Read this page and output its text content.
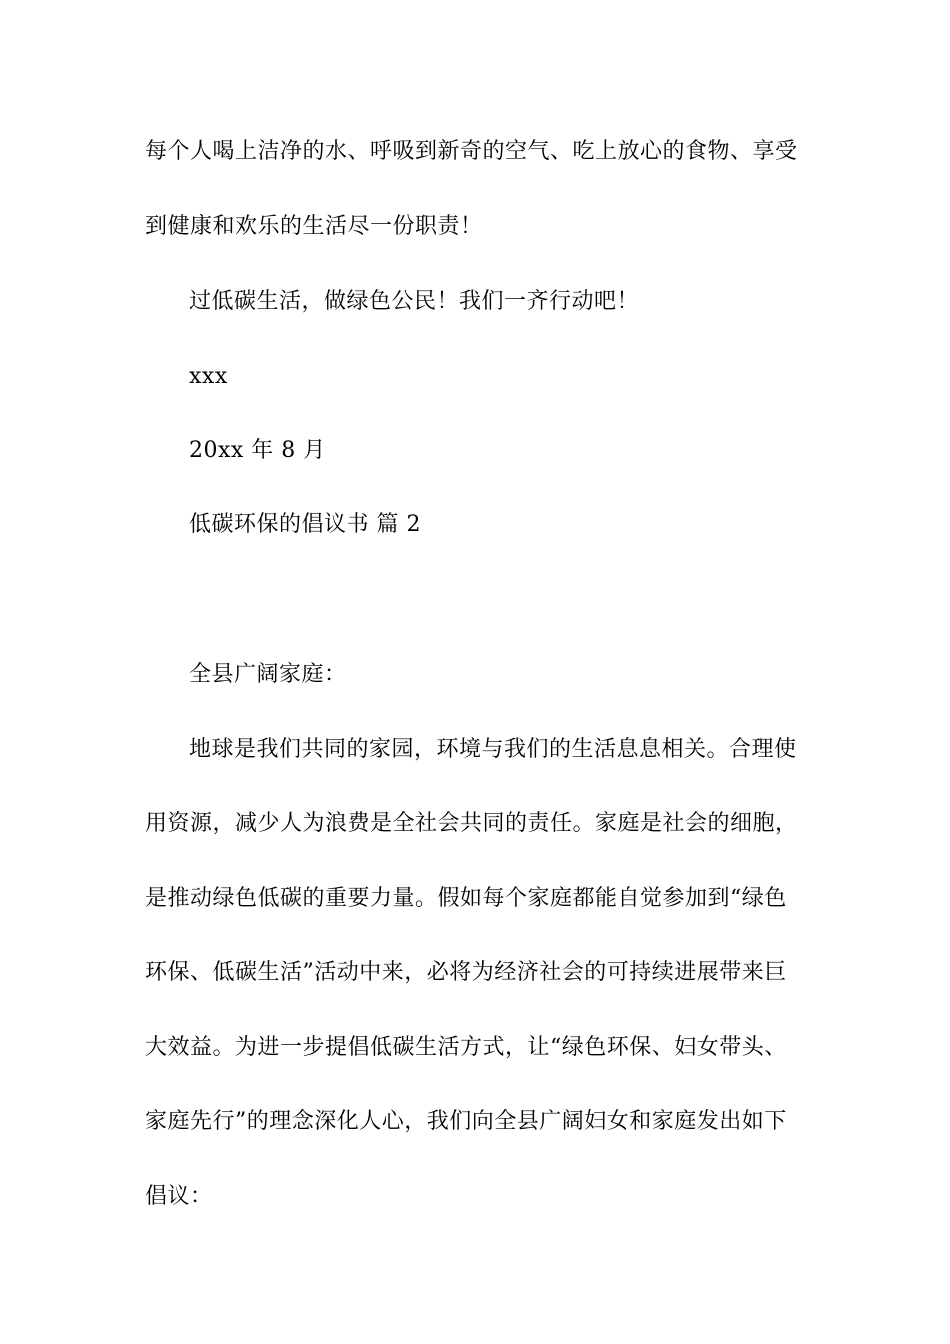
每个人喝上洁净的水、呼吸到新奇的空气、吃上放心的食物、享受
到健康和欢乐的生活尽一份职责！
过低碳生活，做绿色公民！我们一齐行动吧！
xxx
20xx 年 8 月
低碳环保的倡议书 篇 2
全县广阔家庭：
地球是我们共同的家园，环境与我们的生活息息相关。合理使
用资源，减少人为浪费是全社会共同的责任。家庭是社会的细胞，
是推动绿色低碳的重要力量。假如每个家庭都能自觉参加到“绿色
环保、低碳生活”活动中来，必将为经济社会的可持续进展带来巨
大效益。为进一步提倡低碳生活方式，让“绿色环保、妇女带头、
家庭先行”的理念深化人心，我们向全县广阔妇女和家庭发出如下
倡议：
